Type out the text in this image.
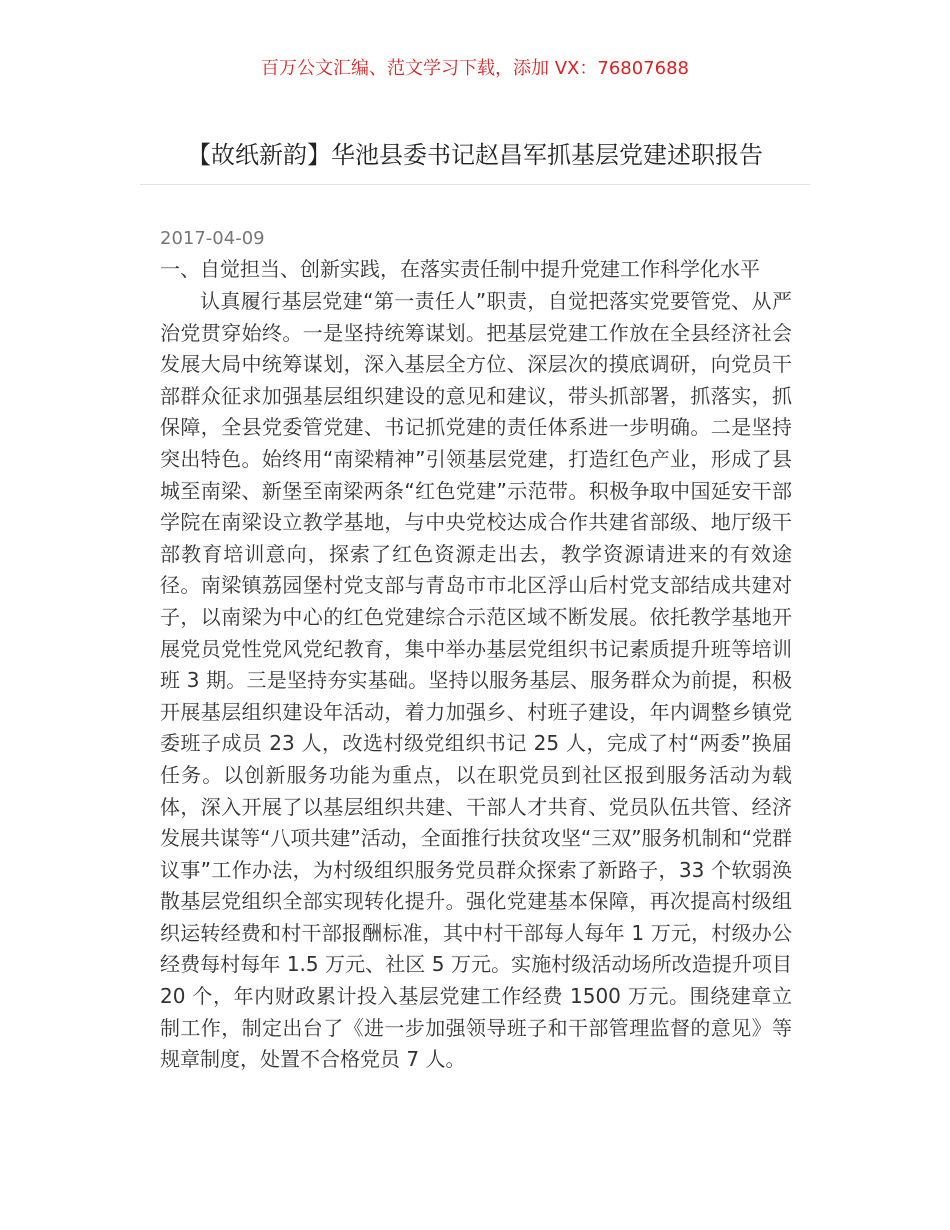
百万公文汇编、范文学习下载，添加 VX：76807688
【故纸新韵】华池县委书记赵昌军抓基层党建述职报告
2017-04-09
一、自觉担当、创新实践，在落实责任制中提升党建工作科学化水平

认真履行基层党建“第一责任人”职责，自觉把落实党要管党、从严治党贯穿始终。一是坚持统筹谋划。把基层党建工作放在全县经济社会发展大局中统筹谋划，深入基层全方位、深层次的摸底调研，向党员干部群众征求加强基层组织建设的意见和建议，带头抓部署，抓落实，抓保障，全县党委管党建、书记抓党建的责任体系进一步明确。二是坚持突出特色。始终用“南梁精神”引领基层党建，打造红色产业，形成了县城至南梁、新堡至南梁两条“红色党建”示范带。积极争取中国延安干部学院在南梁设立教学基地，与中央党校达成合作共建省部级、地厅级干部教育培训意向，探索了红色资源走出去，教学资源请进来的有效途径。南梁镇荔园堡村党支部与青岛市市北区浮山后村党支部结成共建对子，以南梁为中心的红色党建综合示范区域不断发展。依托教学基地开展党员党性党风党纪教育，集中举办基层党组织书记素质提升班等培训班 3 期。三是坚持夯实基础。坚持以服务基层、服务群众为前提，积极开展基层组织建设年活动，着力加强乡、村班子建设，年内调整乡镇党委班子成员 23 人，改选村级党组织书记 25 人，完成了村“两委”换届任务。以创新服务功能为重点，以在职党员到社区报到服务活动为载体，深入开展了以基层组织共建、干部人才共育、党员队伍共管、经济发展共谋等“八项共建”活动，全面推行扶贫攻坚“三双”服务机制和“党群议事”工作办法，为村级组织服务党员群众探索了新路子，33 个软弱涣散基层党组织全部实现转化提升。强化党建基本保障，再次提高村级组织运转经费和村干部报酬标准，其中村干部每人每年 1 万元，村级办公经费每村每年 1.5 万元、社区 5 万元。实施村级活动场所改造提升项目 20 个，年内财政累计投入基层党建工作经费 1500 万元。围绕建章立制工作，制定出台了《进一步加强领导班子和干部管理监督的意见》等规章制度，处置不合格党员 7 人。
